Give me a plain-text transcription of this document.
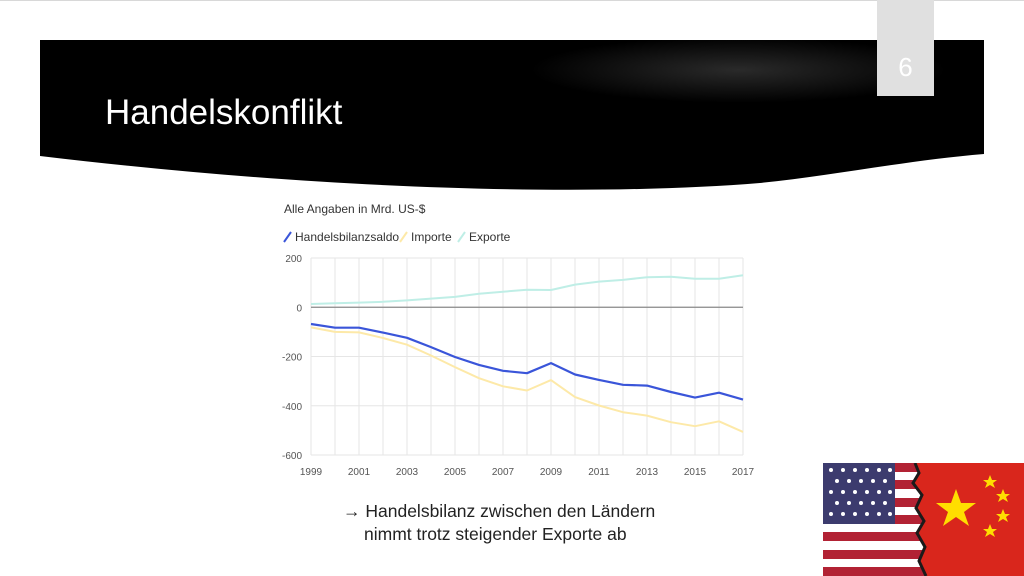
Handelskonflikt
6
Alle Angaben in Mrd. US-$
Handelsbilanzsaldo Importe Exporte
200
0
-200
-400
-600
1999	2001	2003	2005	2007	2009	2011	2013	2015	2017
→ Handelsbilanz zwischen den Ländern
nimmt trotz steigender Exporte ab
